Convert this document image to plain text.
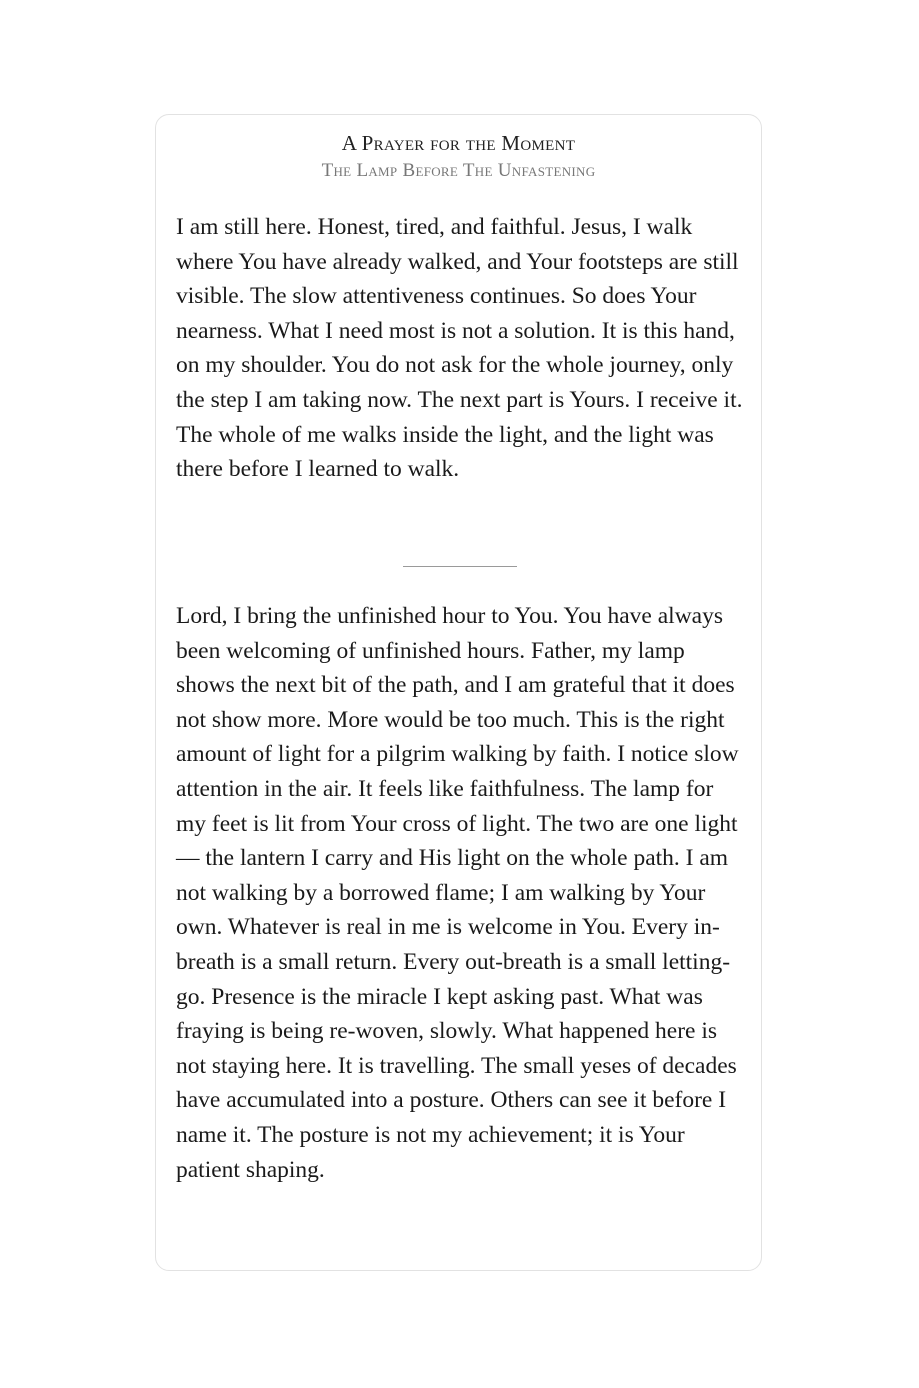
A Prayer for the Moment
The Lamp Before The Unfastening

I am still here. Honest, tired, and faithful. Jesus, I walk where You have already walked, and Your footsteps are still visible. The slow attentiveness continues. So does Your nearness. What I need most is not a solution. It is this hand, on my shoulder. You do not ask for the whole journey, only the step I am taking now. The next part is Yours. I receive it. The whole of me walks inside the light, and the light was there before I learned to walk.

Lord, I bring the unfinished hour to You. You have always been welcoming of unfinished hours. Father, my lamp shows the next bit of the path, and I am grateful that it does not show more. More would be too much. This is the right amount of light for a pilgrim walking by faith. I notice slow attention in the air. It feels like faithfulness. The lamp for my feet is lit from Your cross of light. The two are one light — the lantern I carry and His light on the whole path. I am not walking by a borrowed flame; I am walking by Your own. Whatever is real in me is welcome in You. Every in-breath is a small return. Every out-breath is a small letting-go. Presence is the miracle I kept asking past. What was fraying is being re-woven, slowly. What happened here is not staying here. It is travelling. The small yeses of decades have accumulated into a posture. Others can see it before I name it. The posture is not my achievement; it is Your patient shaping.
